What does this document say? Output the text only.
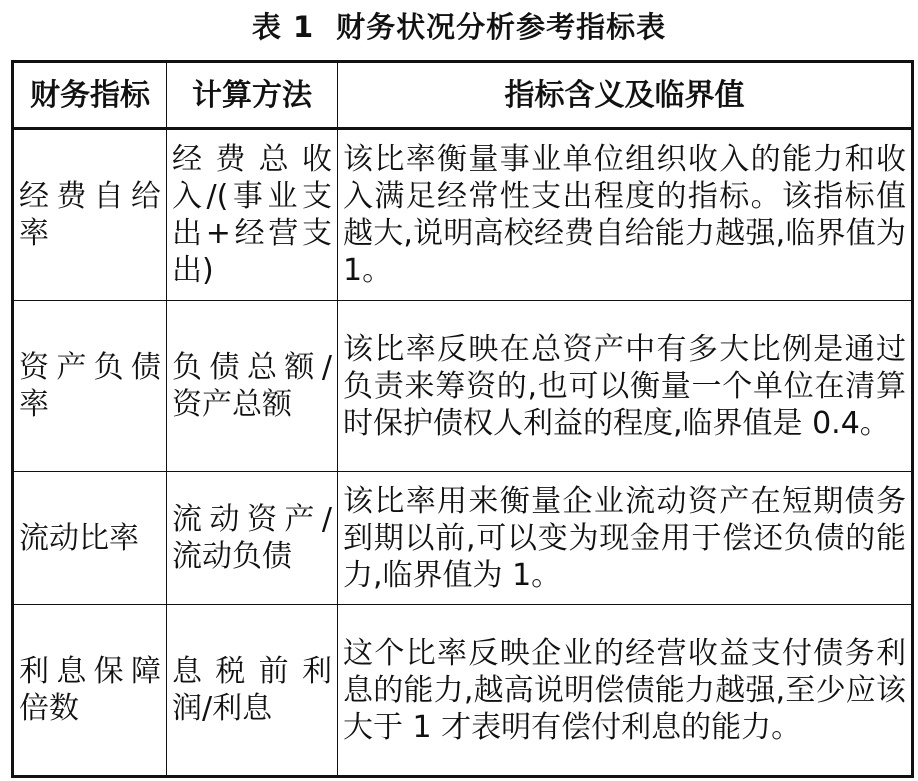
表 1 财务状况分析参考指标表
财务指标	计算方法	指标含义及临界值
经费自给率	经费总收入/(事业支出+经营支出)	该比率衡量事业单位组织收入的能力和收入满足经常性支出程度的指标。该指标值越大,说明高校经费自给能力越强,临界值为 1。
资产负债率	负债总额/资产总额	该比率反映在总资产中有多大比例是通过负责来筹资的,也可以衡量一个单位在清算时保护债权人利益的程度,临界值是 0.4。
流动比率	流动资产/流动负债	该比率用来衡量企业流动资产在短期债务到期以前,可以变为现金用于偿还负债的能力,临界值为 1。
利息保障倍数	息税前利润/利息	这个比率反映企业的经营收益支付债务利息的能力,越高说明偿债能力越强,至少应该大于 1 才表明有偿付利息的能力。
